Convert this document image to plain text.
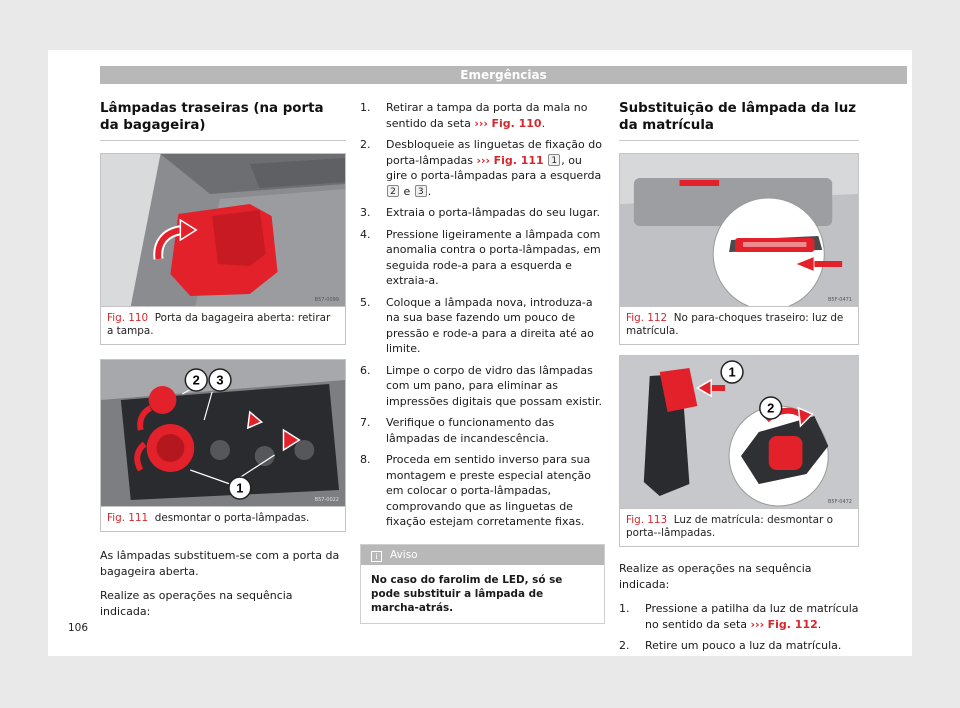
Emergências
Lâmpadas traseiras (na porta da bagageira)
B57-0099
Fig. 110 Porta da bagageira aberta: retirar a tampa.
2 3
1
B57-0022
Fig. 111 desmontar o porta-lâmpadas.

As lâmpadas substituem-se com a porta da bagageira aberta.

Realize as operações na sequência indicada:

1. Retirar a tampa da porta da mala no sentido da seta ››› Fig. 110.
2. Desbloqueie as linguetas de fixação do porta-lâmpadas ››› Fig. 111 1 , ou gire o porta-lâmpadas para a esquerda 2 e 3 .
3. Extraia o porta-lâmpadas do seu lugar.
4. Pressione ligeiramente a lâmpada com anomalia contra o porta-lâmpadas, em seguida rode-a para a esquerda e extraia-a.
5. Coloque a lâmpada nova, introduza-a na sua base fazendo um pouco de pressão e rode-a para a direita até ao limite.
6. Limpe o corpo de vidro das lâmpadas com um pano, para eliminar as impressões digitais que possam existir.
7. Verifique o funcionamento das lâmpadas de incandescência.
8. Proceda em sentido inverso para sua montagem e preste especial atenção em colocar o porta-lâmpadas, comprovando que as linguetas de fixação estejam corretamente fixas.
i Aviso
No caso do farolim de LED, só se pode substituir a lâmpada de marcha-atrás.
Substituição de lâmpada da luz da matrícula
B5F-0471
Fig. 112 No para-choques traseiro: luz de matrícula.
1
2
B5F-0472
Fig. 113 Luz de matrícula: desmontar o porta--lâmpadas.

Realize as operações na sequência indicada:

1. Pressione a patilha da luz de matrícula no sentido da seta ››› Fig. 112.
2. Retire um pouco a luz da matrícula.
106
